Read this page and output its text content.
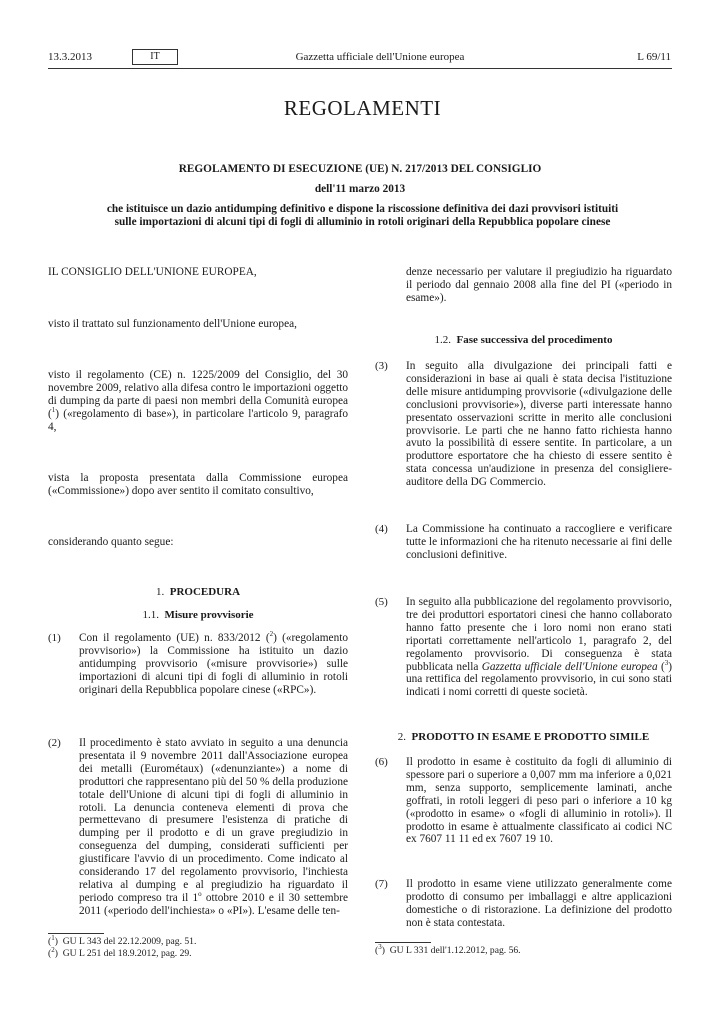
13.3.2013	IT	Gazzetta ufficiale dell'Unione europea	L 69/11
REGOLAMENTI
REGOLAMENTO DI ESECUZIONE (UE) N. 217/2013 DEL CONSIGLIO
dell'11 marzo 2013
che istituisce un dazio antidumping definitivo e dispone la riscossione definitiva dei dazi provvisori istituiti sulle importazioni di alcuni tipi di fogli di alluminio in rotoli originari della Repubblica popolare cinese
IL CONSIGLIO DELL'UNIONE EUROPEA,
visto il trattato sul funzionamento dell'Unione europea,
visto il regolamento (CE) n. 1225/2009 del Consiglio, del 30 novembre 2009, relativo alla difesa contro le importazioni oggetto di dumping da parte di paesi non membri della Comunità europea ($^1$) («regolamento di base»), in particolare l'articolo 9, paragrafo 4,
vista la proposta presentata dalla Commissione europea («Commissione») dopo aver sentito il comitato consultivo,
considerando quanto segue:
1. PROCEDURA
1.1. Misure provvisorie
(1) Con il regolamento (UE) n. 833/2012 ($^2$) («regolamento provvisorio») la Commissione ha istituito un dazio antidumping provvisorio («misure provvisorie») sulle importazioni di alcuni tipi di fogli di alluminio in rotoli originari della Repubblica popolare cinese («RPC»).
(2) Il procedimento è stato avviato in seguito a una denuncia presentata il 9 novembre 2011 dall'Associazione europea dei metalli (Eurométaux) («denunziante») a nome di produttori che rappresentano più del 50 % della produzione totale dell'Unione di alcuni tipi di fogli di alluminio in rotoli. La denuncia conteneva elementi di prova che permettevano di presumere l'esistenza di pratiche di dumping per il prodotto e di un grave pregiudizio in conseguenza del dumping, considerati sufficienti per giustificare l'avvio di un procedimento. Come indicato al considerando 17 del regolamento provvisorio, l'inchiesta relativa al dumping e al pregiudizio ha riguardato il periodo compreso tra il 1$^o$ ottobre 2010 e il 30 settembre 2011 («periodo dell'inchiesta» o «PI»). L'esame delle ten-
($^1$)  GU L 343 del 22.12.2009, pag. 51.
($^2$)  GU L 251 del 18.9.2012, pag. 29.
denze necessario per valutare il pregiudizio ha riguardato il periodo dal gennaio 2008 alla fine del PI («periodo in esame»).
1.2. Fase successiva del procedimento
(3) In seguito alla divulgazione dei principali fatti e considerazioni in base ai quali è stata decisa l'istituzione delle misure antidumping provvisorie («divulgazione delle conclusioni provvisorie»), diverse parti interessate hanno presentato osservazioni scritte in merito alle conclusioni provvisorie. Le parti che ne hanno fatto richiesta hanno avuto la possibilità di essere sentite. In particolare, a un produttore esportatore che ha chiesto di essere sentito è stata concessa un'audizione in presenza del consigliere-auditore della DG Commercio.
(4) La Commissione ha continuato a raccogliere e verificare tutte le informazioni che ha ritenuto necessarie ai fini delle conclusioni definitive.
(5) In seguito alla pubblicazione del regolamento provvisorio, tre dei produttori esportatori cinesi che hanno collaborato hanno fatto presente che i loro nomi non erano stati riportati correttamente nell'articolo 1, paragrafo 2, del regolamento provvisorio. Di conseguenza è stata pubblicata nella Gazzetta ufficiale dell'Unione europea ($^3$) una rettifica del regolamento provvisorio, in cui sono stati indicati i nomi corretti di queste società.
2. PRODOTTO IN ESAME E PRODOTTO SIMILE
(6) Il prodotto in esame è costituito da fogli di alluminio di spessore pari o superiore a 0,007 mm ma inferiore a 0,021 mm, senza supporto, semplicemente laminati, anche goffrati, in rotoli leggeri di peso pari o inferiore a 10 kg («prodotto in esame» o «fogli di alluminio in rotoli»). Il prodotto in esame è attualmente classificato ai codici NC ex 7607 11 11 ed ex 7607 19 10.
(7) Il prodotto in esame viene utilizzato generalmente come prodotto di consumo per imballaggi e altre applicazioni domestiche o di ristorazione. La definizione del prodotto non è stata contestata.
($^3$)  GU L 331 dell'1.12.2012, pag. 56.
